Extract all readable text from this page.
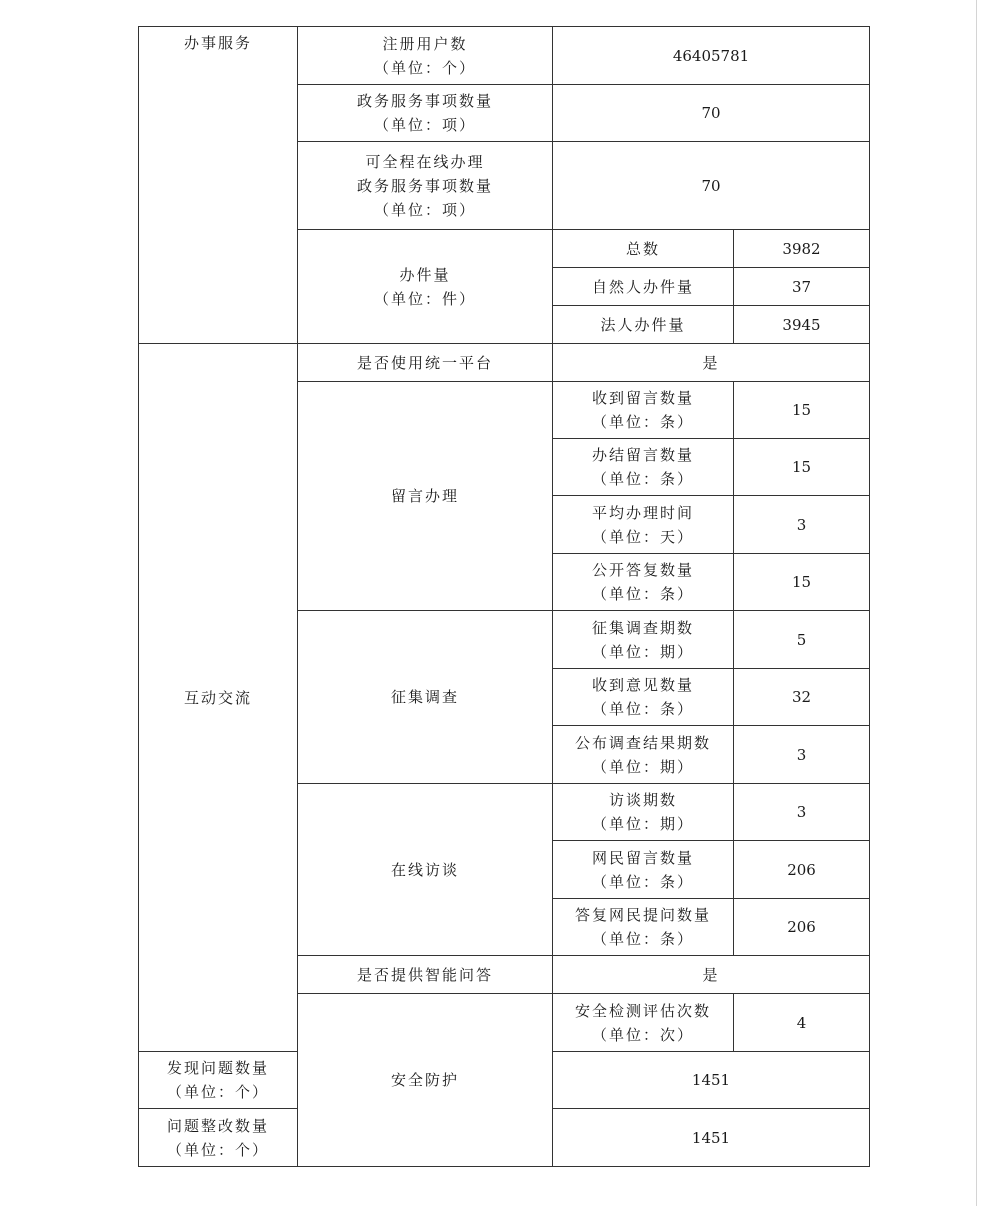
办事服务	注册用户数
（单位：个）	46405781	

	政务服务事项数量
（单位：项）	70	

	可全程在线办理
政务服务事项数量
（单位：项）	70	

	办件量
（单位：件）	总数	3982
		自然人办件量	37
		法人办件量	3945
互动交流	是否使用统一平台	是	
	留言办理	收到留言数量
（单位：条）	15

		办结留言数量
（单位：条）	15

		平均办理时间
（单位：天）	3

		公开答复数量
（单位：条）	15
	征集调查	征集调查期数
（单位：期）	5

		收到意见数量
（单位：条）	32

		公布调查结果期数
（单位：期）	3
	在线访谈	访谈期数
（单位：期）	3

		网民留言数量
（单位：条）	206

		答复网民提问数量
（单位：条）	206
	是否提供智能问答	是	
	安全防护	安全检测评估次数
（单位：次）	4

发现问题数量
（单位：个）		1451	

问题整改数量
（单位：个）		1451	
